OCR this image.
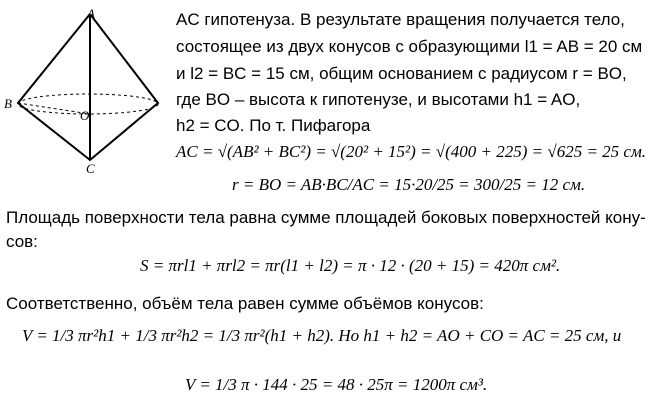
A
B
O
C
AC гипотенуза. В результате вращения получается тело,
состоящее из двух конусов с образующими l1 = AB = 20 см
и l2 = BC = 15 см, общим основанием с радиусом r = BO,
где BO – высота к гипотенузе, и высотами h1 = AO,
h2 = CO. По т. Пифагора
AC = √(AB² + BC²) = √(20² + 15²) = √(400 + 225) = √625 = 25 см.
r = BO = AB·BC/AC = 15·20/25 = 300/25 = 12 см.
Площадь поверхности тела равна сумме площадей боковых поверхностей кону-
сов:
S = πrl1 + πrl2 = πr(l1 + l2) = π · 12 · (20 + 15) = 420π см².
Соответственно, объём тела равен сумме объёмов конусов:
V = 1/3 πr²h1 + 1/3 πr²h2 = 1/3 πr²(h1 + h2). Но h1 + h2 = AO + CO = AC = 25 см, и
V = 1/3 π · 144 · 25 = 48 · 25π = 1200π см³.
